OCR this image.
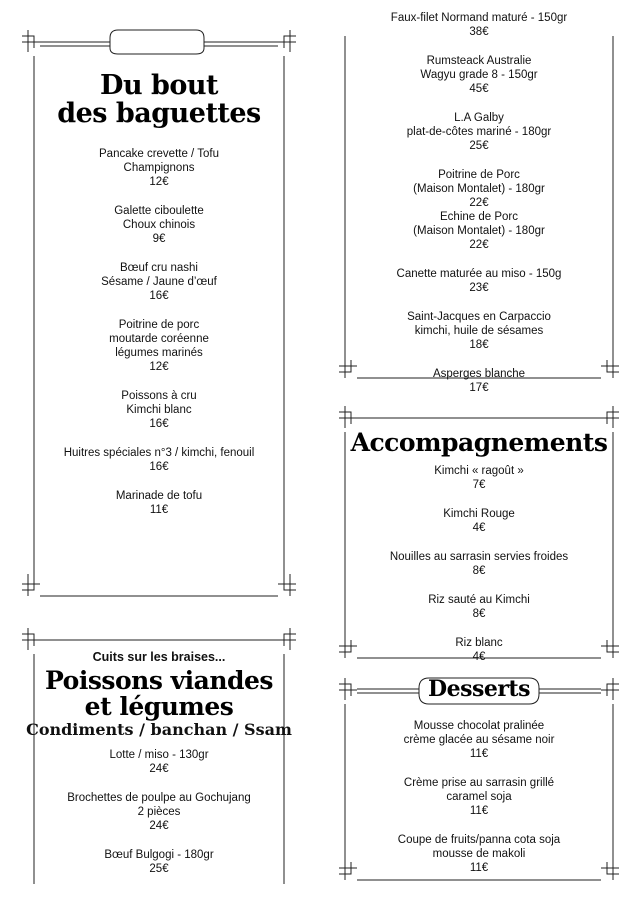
Du bout
des baguettes
Pancake crevette / Tofu
Champignons
12€
Galette ciboulette
Choux chinois
9€
Bœuf cru nashi
Sésame / Jaune d’œuf
16€
Poitrine de porc
moutarde coréenne
légumes marinés
12€
Poissons à cru
Kimchi blanc
16€
Huitres spéciales n°3 / kimchi, fenouil
16€
Marinade de tofu
11€
Cuits sur les braises...
Poissons viandes
et légumes
Condiments / banchan / Ssam
Lotte / miso - 130gr
24€
Brochettes de poulpe au Gochujang
2 pièces
24€
Bœuf Bulgogi - 180gr
25€
Faux-filet Normand maturé - 150gr
38€
Rumsteack Australie
Wagyu grade 8 - 150gr
45€
L.A Galby
plat-de-côtes mariné - 180gr
25€
Poitrine de Porc
(Maison Montalet) - 180gr
22€
Echine de Porc
(Maison Montalet) - 180gr
22€
Canette maturée au miso - 150g
23€
Saint-Jacques en Carpaccio
kimchi, huile de sésames
18€
Asperges blanche
17€
Accompagnements
Kimchi « ragoût »
7€
Kimchi Rouge
4€
Nouilles au sarrasin servies froides
8€
Riz sauté au Kimchi
8€
Riz blanc
4€
Desserts
Mousse chocolat pralinée
crème glacée au sésame noir
11€
Crème prise au sarrasin grillé
caramel soja
11€
Coupe de fruits/panna cota soja
mousse de makoli
11€
